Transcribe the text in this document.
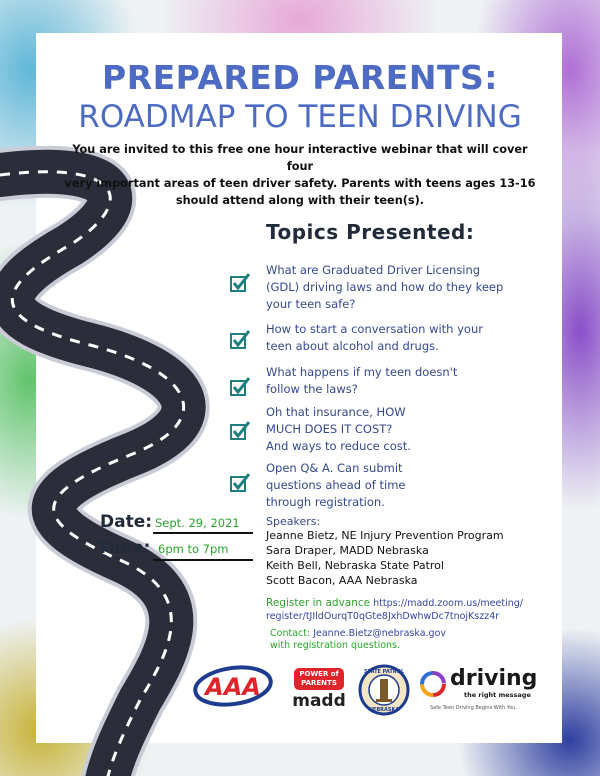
PREPARED PARENTS:
ROADMAP TO TEEN DRIVING
You are invited to this free one hour interactive webinar that will cover four
very important areas of teen driver safety. Parents with teens ages 13-16
should attend along with their teen(s).
Topics Presented:
What are Graduated Driver Licensing
(GDL) driving laws and how do they keep
your teen safe?
How to start a conversation with your
teen about alcohol and drugs.
What happens if my teen doesn't
follow the laws?
Oh that insurance, HOW
MUCH DOES IT COST?
And ways to reduce cost.
Open Q& A. Can submit
questions ahead of time
through registration.
Date: Sept. 29, 2021
Time: 6pm to 7pm
Speakers:
Jeanne Bietz, NE Injury Prevention Program
Sara Draper, MADD Nebraska
Keith Bell, Nebraska State Patrol
Scott Bacon, AAA Nebraska
Register in advance https://madd.zoom.us/meeting/
register/tJIldOurqT0qGte8JxhDwhwDc7tnojKszz4r
Contact: Jeanne.Bietz@nebraska.gov
with registration questions.
AAA	POWER of
PARENTS
madd
STATE PATROL
NEBRASKA
driving
the right message
Safe Teen Driving Begins With You.
